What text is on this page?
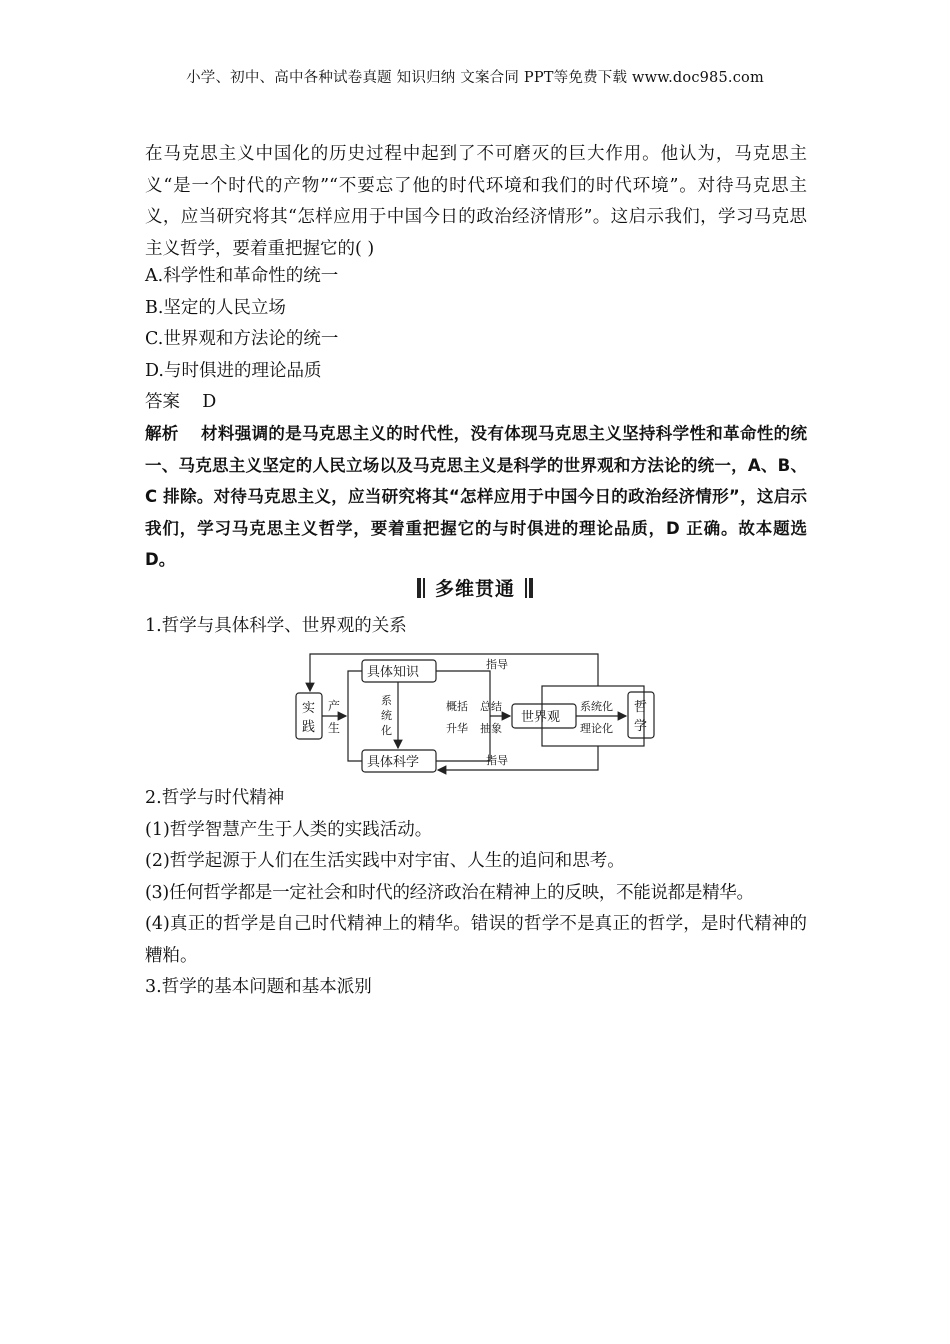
小学、初中、高中各种试卷真题 知识归纳 文案合同 PPT等免费下载 www.doc985.com

在马克思主义中国化的历史过程中起到了不可磨灭的巨大作用。他认为，马克思主义“是一个时代的产物”“不要忘了他的时代环境和我们的时代环境”。对待马克思主义，应当研究将其“怎样应用于中国今日的政治经济情形”。这启示我们，学习马克思主义哲学，要着重把握它的( )

A.科学性和革命性的统一

B.坚定的人民立场

C.世界观和方法论的统一

D.与时俱进的理论品质

答案 D

解析 材料强调的是马克思主义的时代性，没有体现马克思主义坚持科学性和革命性的统一、马克思主义坚定的人民立场以及马克思主义是科学的世界观和方法论的统一，A、B、C 排除。对待马克思主义，应当研究将其“怎样应用于中国今日的政治经济情形”，这启示我们，学习马克思主义哲学，要着重把握它的与时俱进的理论品质，D 正确。故本题选 D。

多维贯通

1.哲学与具体科学、世界观的关系

实
践
产
生
具体知识
系
统
化
具体科学
指导
指导
概括 总结
升华 抽象
世界观
系统化
理论化
哲
学

2.哲学与时代精神

(1)哲学智慧产生于人类的实践活动。

(2)哲学起源于人们在生活实践中对宇宙、人生的追问和思考。

(3)任何哲学都是一定社会和时代的经济政治在精神上的反映，不能说都是精华。

(4)真正的哲学是自己时代精神上的精华。错误的哲学不是真正的哲学，是时代精神的糟粕。

3.哲学的基本问题和基本派别
